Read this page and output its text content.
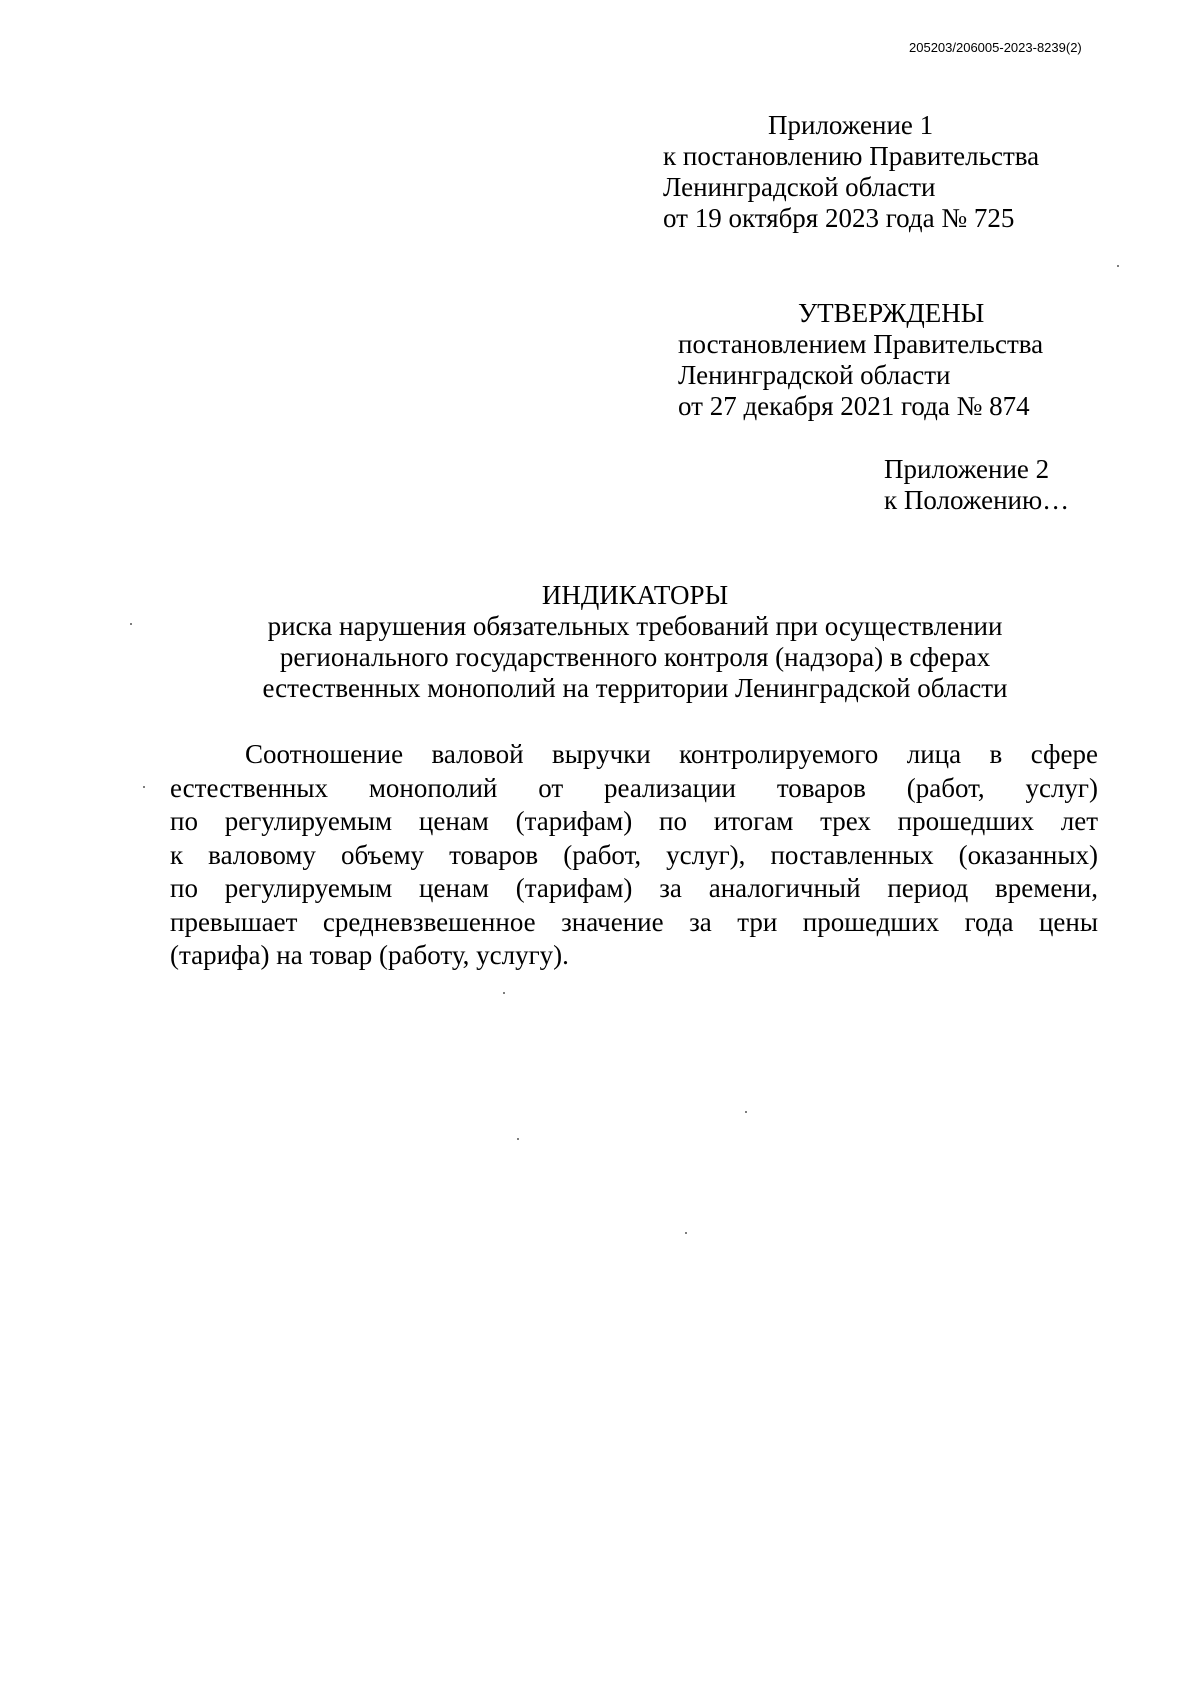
205203/206005-2023-8239(2)
Приложение 1
к постановлению Правительства
Ленинградской области
от 19 октября 2023 года № 725
УТВЕРЖДЕНЫ
постановлением Правительства
Ленинградской области
от 27 декабря 2021 года № 874
Приложение 2
к Положению…
ИНДИКАТОРЫ
риска нарушения обязательных требований при осуществлении
регионального государственного контроля (надзора) в сферах
естественных монополий на территории Ленинградской области
Соотношение валовой выручки контролируемого лица в сфере
естественных монополий от реализации товаров (работ, услуг)
по регулируемым ценам (тарифам) по итогам трех прошедших лет
к валовому объему товаров (работ, услуг), поставленных (оказанных)
по регулируемым ценам (тарифам) за аналогичный период времени,
превышает средневзвешенное значение за три прошедших года цены
(тарифа) на товар (работу, услугу).
